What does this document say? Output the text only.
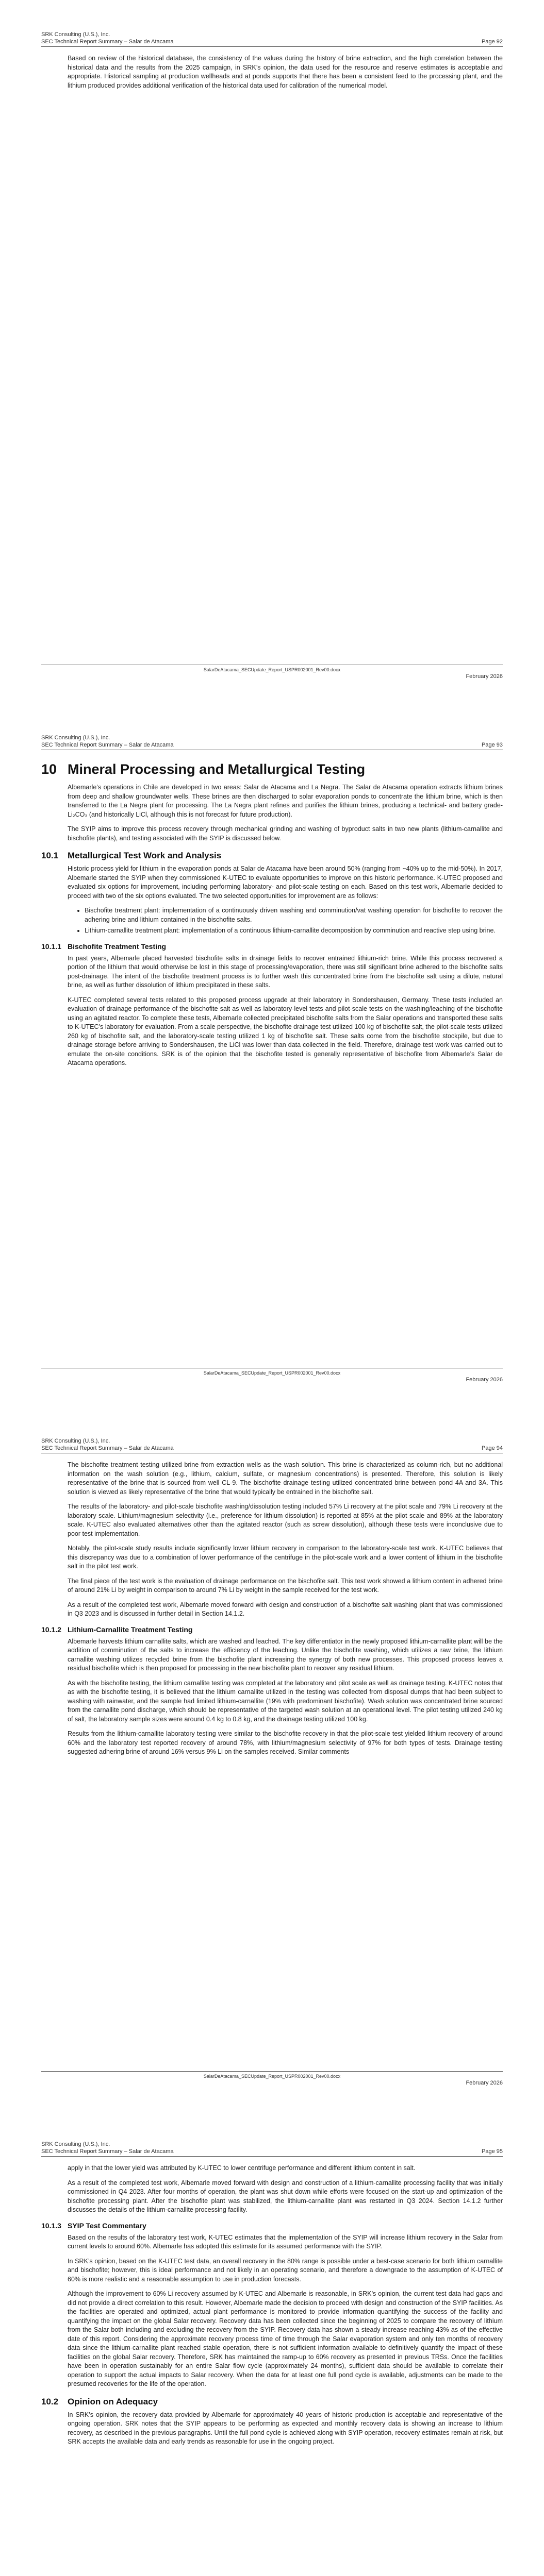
SRK Consulting (U.S.), Inc.
SEC Technical Report Summary – Salar de Atacama	Page 92

Based on review of the historical database, the consistency of the values during the history of brine extraction, and the high correlation between the historical data and the results from the 2025 campaign, in SRK’s opinion, the data used for the resource and reserve estimates is acceptable and appropriate. Historical sampling at production wellheads and at ponds supports that there has been a consistent feed to the processing plant, and the lithium produced provides additional verification of the historical data used for calibration of the numerical model.

SalarDeAtacama_SECUpdate_Report_USPR002001_Rev00.docx
February 2026
SRK Consulting (U.S.), Inc.
SEC Technical Report Summary – Salar de Atacama	Page 93
10 Mineral Processing and Metallurgical Testing

Albemarle’s operations in Chile are developed in two areas: Salar de Atacama and La Negra. The Salar de Atacama operation extracts lithium brines from deep and shallow groundwater wells. These brines are then discharged to solar evaporation ponds to concentrate the lithium brine, which is then transferred to the La Negra plant for processing. The La Negra plant refines and purifies the lithium brines, producing a technical- and battery grade-Li₂CO₃ (and historically LiCl, although this is not forecast for future production).

The SYIP aims to improve this process recovery through mechanical grinding and washing of byproduct salts in two new plants (lithium-carnallite and bischofite plants), and testing associated with the SYIP is discussed below.

10.1	Metallurgical Test Work and Analysis

Historic process yield for lithium in the evaporation ponds at Salar de Atacama have been around 50% (ranging from ~40% up to the mid-50%). In 2017, Albemarle started the SYIP when they commissioned K-UTEC to evaluate opportunities to improve on this historic performance. K-UTEC proposed and evaluated six options for improvement, including performing laboratory- and pilot-scale testing on each. Based on this test work, Albemarle decided to proceed with two of the six options evaluated. The two selected opportunities for improvement are as follows:

• Bischofite treatment plant: implementation of a continuously driven washing and comminution/vat washing operation for bischofite to recover the adhering brine and lithium contained in the bischofite salts.
• Lithium-carnallite treatment plant: implementation of a continuous lithium-carnallite decomposition by comminution and reactive step using brine.
10.1.1 Bischofite Treatment Testing

In past years, Albemarle placed harvested bischofite salts in drainage fields to recover entrained lithium-rich brine. While this process recovered a portion of the lithium that would otherwise be lost in this stage of processing/evaporation, there was still significant brine adhered to the bischofite salts post-drainage. The intent of the bischofite treatment process is to further wash this concentrated brine from the bischofite salt using a dilute, natural brine, as well as further dissolution of lithium precipitated in these salts.

K-UTEC completed several tests related to this proposed process upgrade at their laboratory in Sondershausen, Germany. These tests included an evaluation of drainage performance of the bischofite salt as well as laboratory-level tests and pilot-scale tests on the washing/leaching of the bischofite using an agitated reactor. To complete these tests, Albemarle collected precipitated bischofite salts from the Salar operations and transported these salts to K-UTEC’s laboratory for evaluation. From a scale perspective, the bischofite drainage test utilized 100 kg of bischofite salt, the pilot-scale tests utilized 260 kg of bischofite salt, and the laboratory-scale testing utilized 1 kg of bischofite salt. These salts come from the bischofite stockpile, but due to drainage storage before arriving to Sondershausen, the LiCl was lower than data collected in the field. Therefore, drainage test work was carried out to emulate the on-site conditions. SRK is of the opinion that the bischofite tested is generally representative of bischofite from Albemarle’s Salar de Atacama operations.

SalarDeAtacama_SECUpdate_Report_USPR002001_Rev00.docx
February 2026
SRK Consulting (U.S.), Inc.
SEC Technical Report Summary – Salar de Atacama	Page 94

The bischofite treatment testing utilized brine from extraction wells as the wash solution. This brine is characterized as column-rich, but no additional information on the wash solution (e.g., lithium, calcium, sulfate, or magnesium concentrations) is presented. Therefore, this solution is likely representative of the brine that is sourced from well CL-9. The bischofite drainage testing utilized concentrated brine between pond 4A and 3A. This solution is viewed as likely representative of the brine that would typically be entrained in the bischofite salt.

The results of the laboratory- and pilot-scale bischofite washing/dissolution testing included 57% Li recovery at the pilot scale and 79% Li recovery at the laboratory scale. Lithium/magnesium selectivity (i.e., preference for lithium dissolution) is reported at 85% at the pilot scale and 89% at the laboratory scale. K-UTEC also evaluated alternatives other than the agitated reactor (such as screw dissolution), although these tests were inconclusive due to poor test implementation.

Notably, the pilot-scale study results include significantly lower lithium recovery in comparison to the laboratory-scale test work. K-UTEC believes that this discrepancy was due to a combination of lower performance of the centrifuge in the pilot-scale work and a lower content of lithium in the bischofite salt in the pilot test work.

The final piece of the test work is the evaluation of drainage performance on the bischofite salt. This test work showed a lithium content in adhered brine of around 21% Li by weight in comparison to around 7% Li by weight in the sample received for the test work.

As a result of the completed test work, Albemarle moved forward with design and construction of a bischofite salt washing plant that was commissioned in Q3 2023 and is discussed in further detail in Section 14.1.2.

10.1.2 Lithium-Carnallite Treatment Testing

Albemarle harvests lithium carnallite salts, which are washed and leached. The key differentiator in the newly proposed lithium-carnallite plant will be the addition of comminution of the salts to increase the efficiency of the leaching. Unlike the bischofite washing, which utilizes a raw brine, the lithium carnallite washing utilizes recycled brine from the bischofite plant increasing the synergy of both new processes. This proposed process leaves a residual bischofite which is then proposed for processing in the new bischofite plant to recover any residual lithium.

As with the bischofite testing, the lithium carnallite testing was completed at the laboratory and pilot scale as well as drainage testing. K-UTEC notes that as with the bischofite testing, it is believed that the lithium carnallite utilized in the testing was collected from disposal dumps that had been subject to washing with rainwater, and the sample had limited lithium-carnallite (19% with predominant bischofite). Wash solution was concentrated brine sourced from the carnallite pond discharge, which should be representative of the targeted wash solution at an operational level. The pilot testing utilized 240 kg of salt, the laboratory sample sizes were around 0.4 kg to 0.8 kg, and the drainage testing utilized 100 kg.

Results from the lithium-carnallite laboratory testing were similar to the bischofite recovery in that the pilot-scale test yielded lithium recovery of around 60% and the laboratory test reported recovery of around 78%, with lithium/magnesium selectivity of 97% for both types of tests. Drainage testing suggested adhering brine of around 16% versus 9% Li on the samples received. Similar comments

SalarDeAtacama_SECUpdate_Report_USPR002001_Rev00.docx
February 2026
SRK Consulting (U.S.), Inc.
SEC Technical Report Summary – Salar de Atacama	Page 95

apply in that the lower yield was attributed by K-UTEC to lower centrifuge performance and different lithium content in salt.

As a result of the completed test work, Albemarle moved forward with design and construction of a lithium-carnallite processing facility that was initially commissioned in Q4 2023. After four months of operation, the plant was shut down while efforts were focused on the start-up and optimization of the bischofite processing plant. After the bischofite plant was stabilized, the lithium-carnallite plant was restarted in Q3 2024. Section 14.1.2 further discusses the details of the lithium-carnallite processing facility.

10.1.3 SYIP Test Commentary

Based on the results of the laboratory test work, K-UTEC estimates that the implementation of the SYIP will increase lithium recovery in the Salar from current levels to around 60%. Albemarle has adopted this estimate for its assumed performance with the SYIP.

In SRK’s opinion, based on the K-UTEC test data, an overall recovery in the 80% range is possible under a best-case scenario for both lithium carnallite and bischofite; however, this is ideal performance and not likely in an operating scenario, and therefore a downgrade to the assumption of K-UTEC of 60% is more realistic and a reasonable assumption to use in production forecasts.

Although the improvement to 60% Li recovery assumed by K-UTEC and Albemarle is reasonable, in SRK’s opinion, the current test data had gaps and did not provide a direct correlation to this result. However, Albemarle made the decision to proceed with design and construction of the SYIP facilities. As the facilities are operated and optimized, actual plant performance is monitored to provide information quantifying the success of the facility and quantifying the impact on the global Salar recovery. Recovery data has been collected since the beginning of 2025 to compare the recovery of lithium from the Salar both including and excluding the recovery from the SYIP. Recovery data has shown a steady increase reaching 43% as of the effective date of this report. Considering the approximate recovery process time of time through the Salar evaporation system and only ten months of recovery data since the lithium-carnallite plant reached stable operation, there is not sufficient information available to definitively quantify the impact of these facilities on the global Salar recovery. Therefore, SRK has maintained the ramp-up to 60% recovery as presented in previous TRSs. Once the facilities have been in operation sustainably for an entire Salar flow cycle (approximately 24 months), sufficient data should be available to correlate their operation to support the actual impacts to Salar recovery. When the data for at least one full pond cycle is available, adjustments can be made to the presumed recoveries for the life of the operation.

10.2	Opinion on Adequacy

In SRK’s opinion, the recovery data provided by Albemarle for approximately 40 years of historic production is acceptable and representative of the ongoing operation. SRK notes that the SYIP appears to be performing as expected and monthly recovery data is showing an increase to lithium recovery, as described in the previous paragraphs. Until the full pond cycle is achieved along with SYIP operation, recovery estimates remain at risk, but SRK accepts the available data and early trends as reasonable for use in the ongoing project.
